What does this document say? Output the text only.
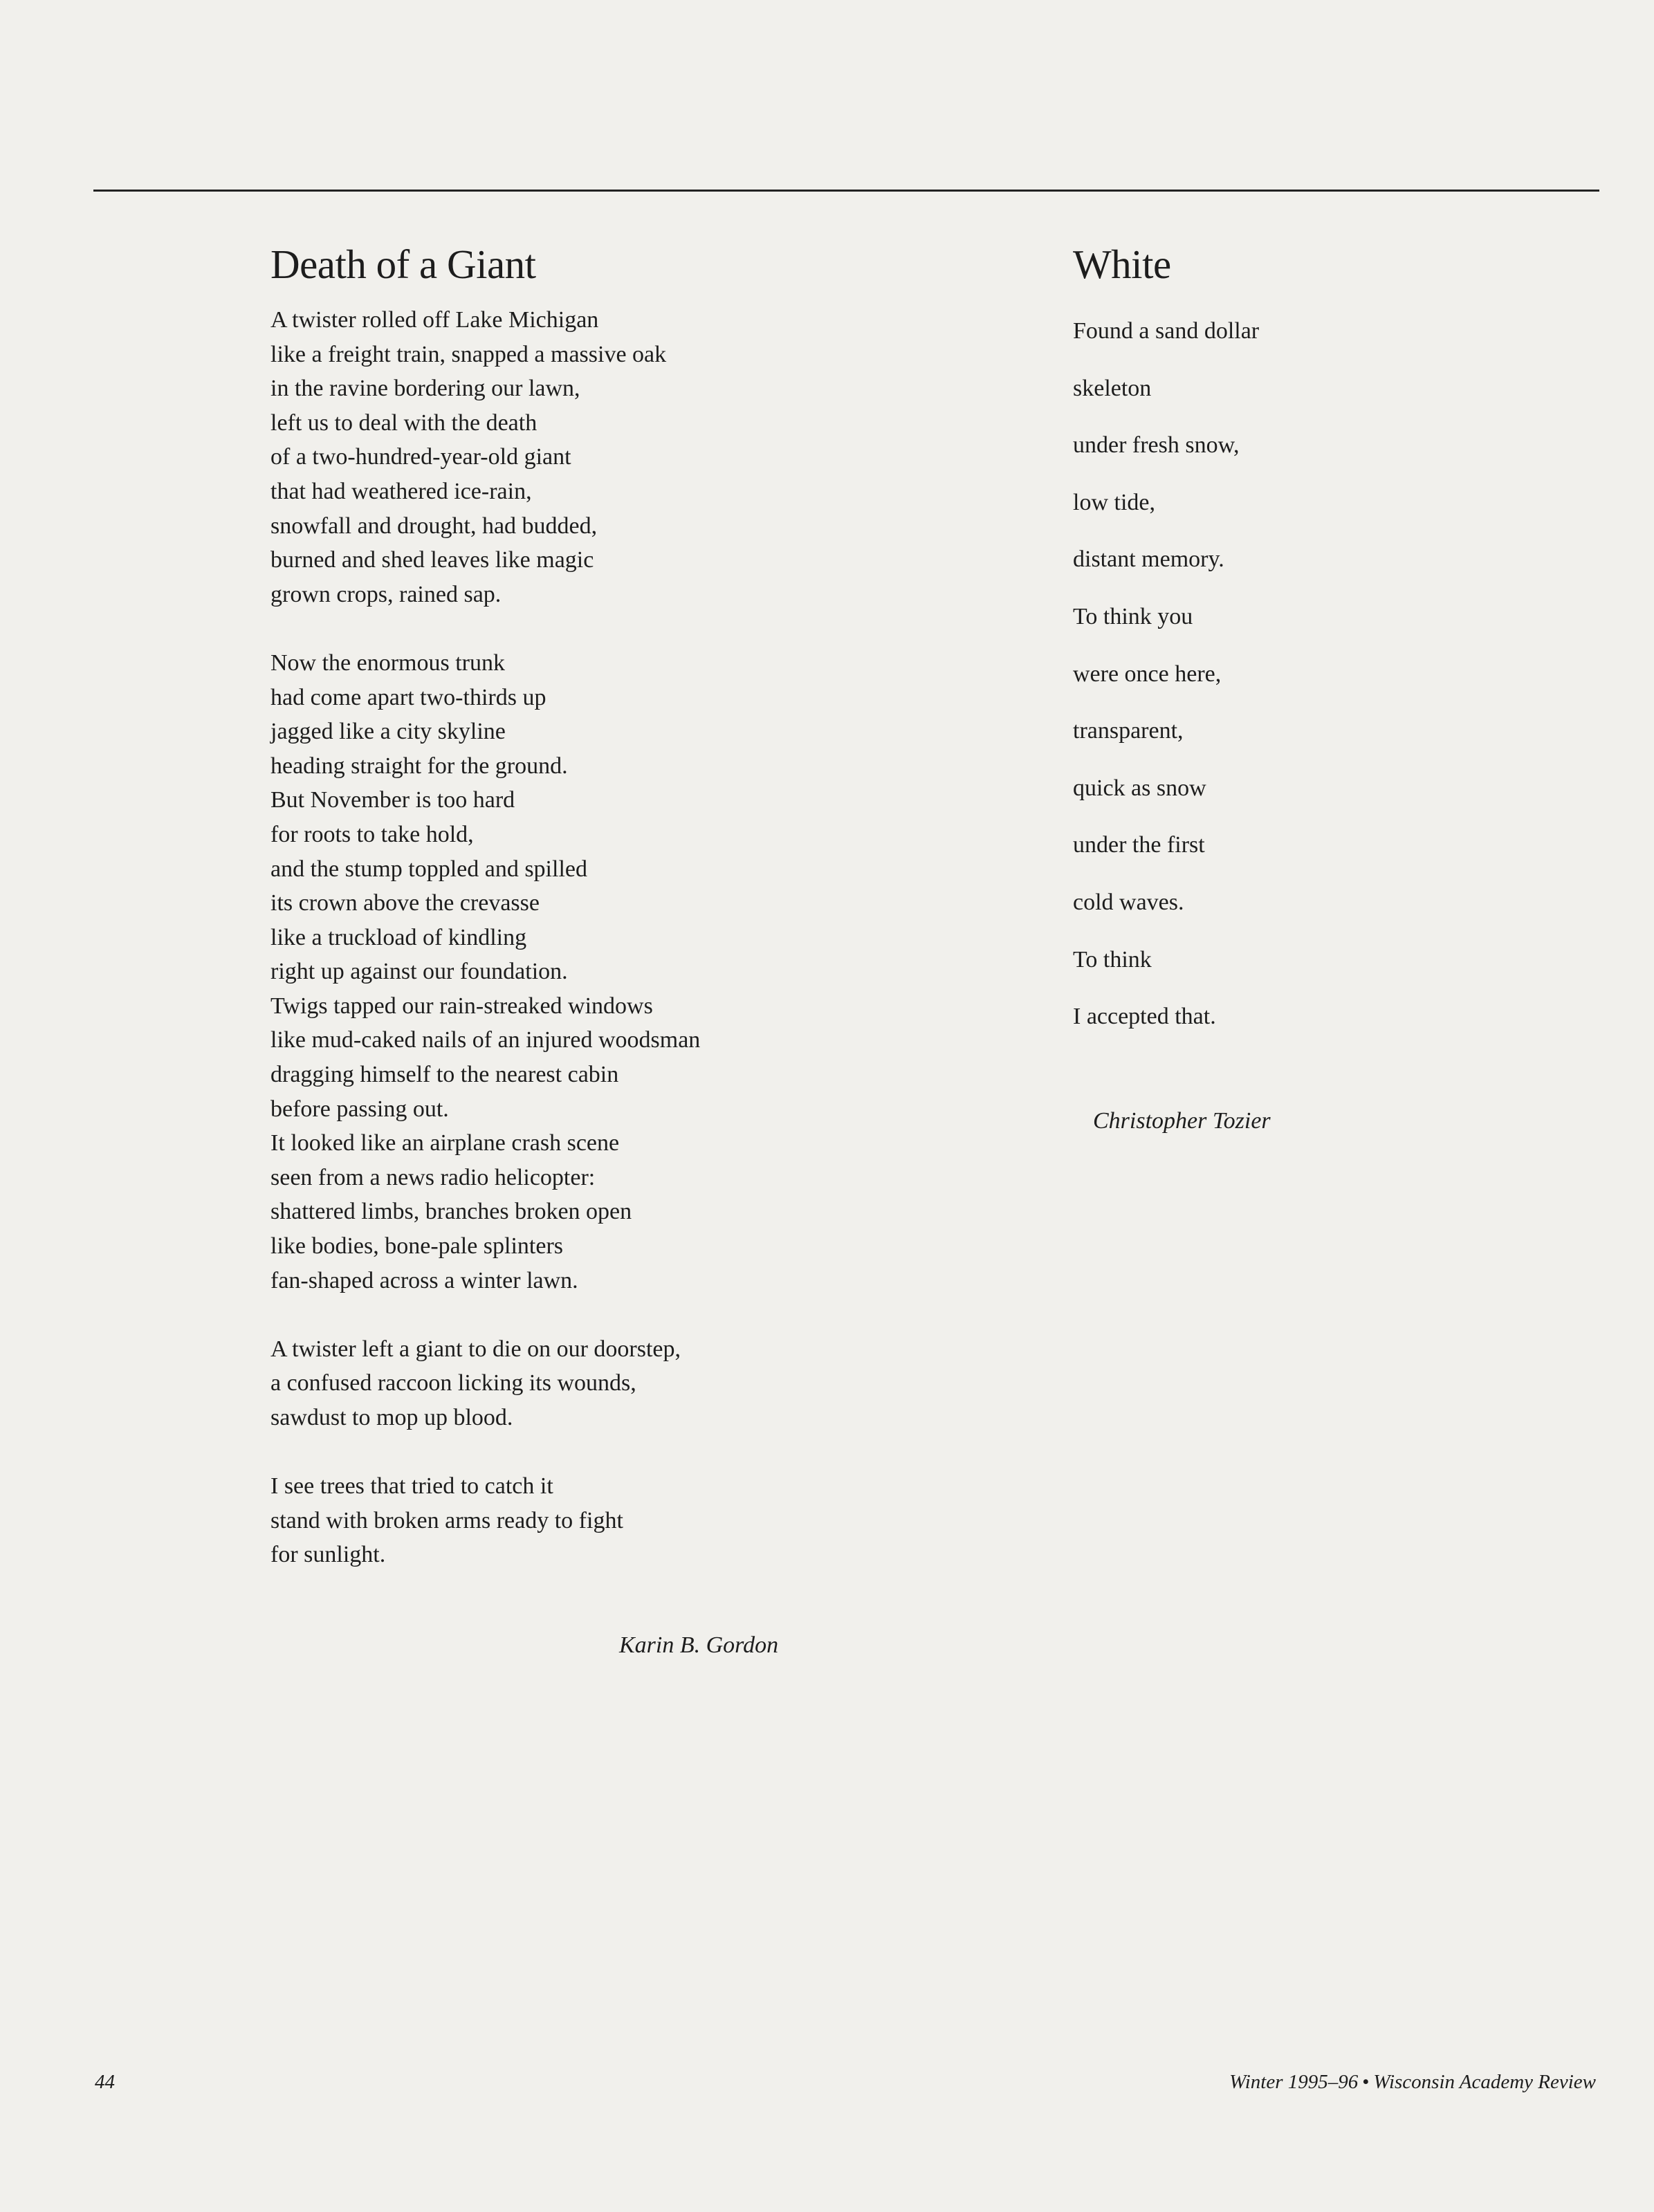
Death of a Giant
A twister rolled off Lake Michigan
like a freight train, snapped a massive oak
in the ravine bordering our lawn,
left us to deal with the death
of a two-hundred-year-old giant
that had weathered ice-rain,
snowfall and drought, had budded,
burned and shed leaves like magic
grown crops, rained sap.
Now the enormous trunk
had come apart two-thirds up
jagged like a city skyline
heading straight for the ground.
But November is too hard
for roots to take hold,
and the stump toppled and spilled
its crown above the crevasse
like a truckload of kindling
right up against our foundation.
Twigs tapped our rain-streaked windows
like mud-caked nails of an injured woodsman
dragging himself to the nearest cabin
before passing out.
It looked like an airplane crash scene
seen from a news radio helicopter:
shattered limbs, branches broken open
like bodies, bone-pale splinters
fan-shaped across a winter lawn.
A twister left a giant to die on our doorstep,
a confused raccoon licking its wounds,
sawdust to mop up blood.
I see trees that tried to catch it
stand with broken arms ready to fight
for sunlight.
Karin B. Gordon
White
Found a sand dollar
skeleton
under fresh snow,
low tide,
distant memory.
To think you
were once here,
transparent,
quick as snow
under the first
cold waves.
To think
I accepted that.
Christopher Tozier
44	Winter 1995–96 • Wisconsin Academy Review
